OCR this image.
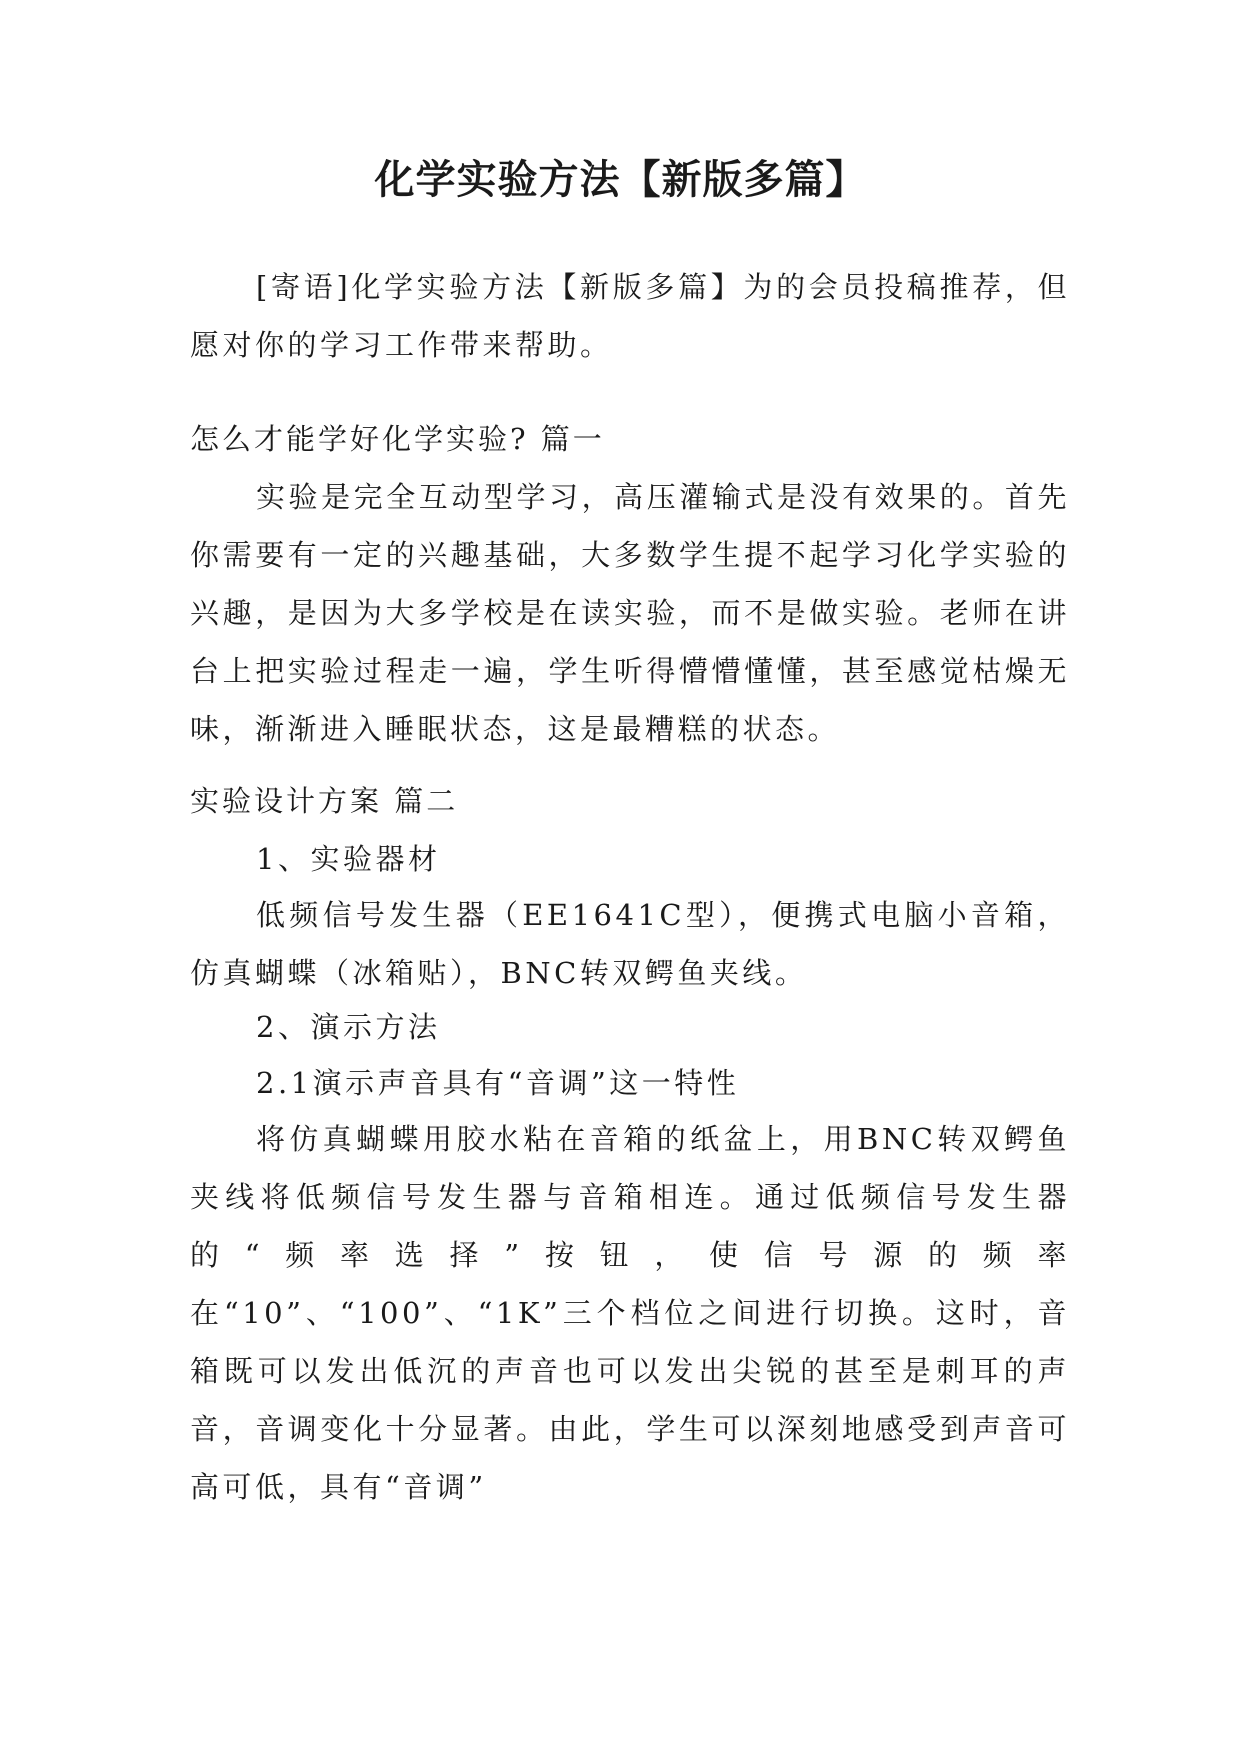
化学实验方法【新版多篇】

[寄语]化学实验方法【新版多篇】为的会员投稿推荐，但愿对你的学习工作带来帮助。

怎么才能学好化学实验? 篇一

实验是完全互动型学习，高压灌输式是没有效果的。首先你需要有一定的兴趣基础，大多数学生提不起学习化学实验的兴趣，是因为大多学校是在读实验，而不是做实验。老师在讲台上把实验过程走一遍，学生听得懵懵懂懂，甚至感觉枯燥无味，渐渐进入睡眠状态，这是最糟糕的状态。

实验设计方案 篇二

1、实验器材

低频信号发生器（EE1641C型），便携式电脑小音箱，仿真蝴蝶（冰箱贴），BNC转双鳄鱼夹线。

2、演示方法

2.1演示声音具有“音调”这一特性

将仿真蝴蝶用胶水粘在音箱的纸盆上，用BNC转双鳄鱼夹线将低频信号发生器与音箱相连。通过低频信号发生器的“频率选择”按钮，使信号源的频率在“10”、“100”、“1K”三个档位之间进行切换。这时，音箱既可以发出低沉的声音也可以发出尖锐的甚至是刺耳的声音，音调变化十分显著。由此，学生可以深刻地感受到声音可高可低，具有“音调”
